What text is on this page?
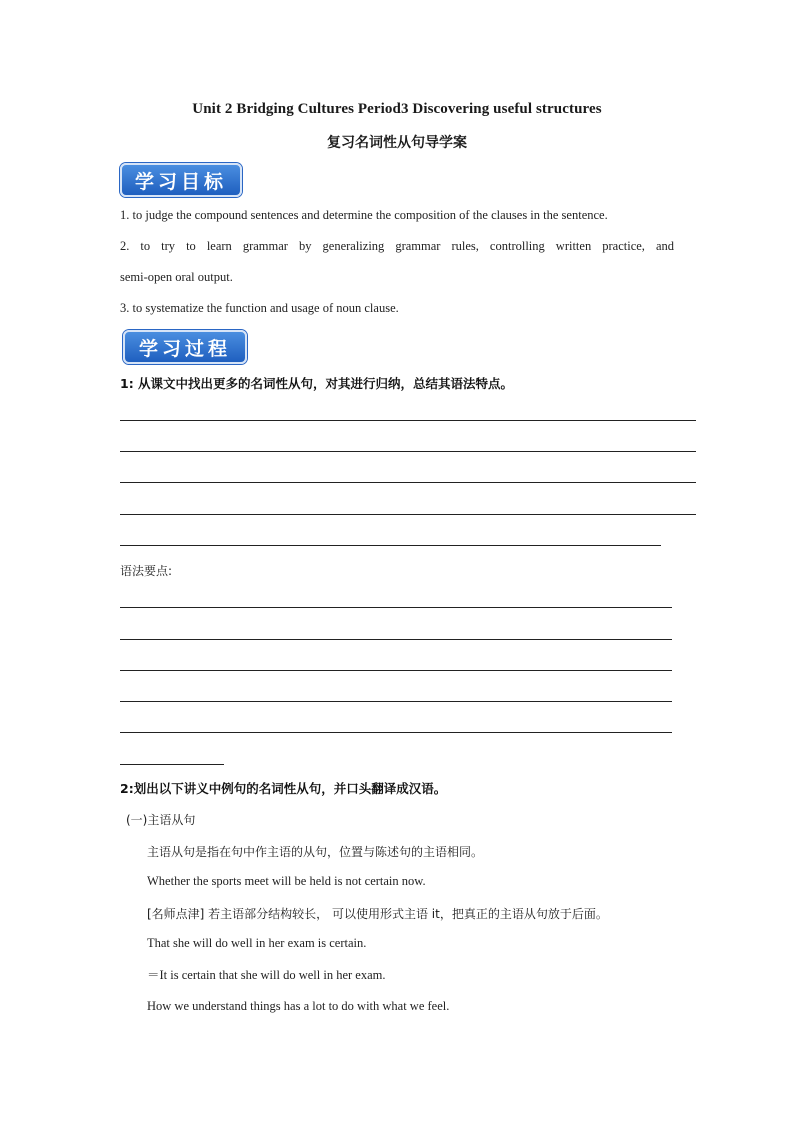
Unit 2 Bridging Cultures Period3 Discovering useful structures
复习名词性从句导学案
学习目标
1. to judge the compound sentences and determine the composition of the clauses in the sentence.
2. to try to learn grammar by generalizing grammar rules, controlling written practice, and
semi-open oral output.
3. to systematize the function and usage of noun clause.
学习过程
1: 从课文中找出更多的名词性从句，对其进行归纳，总结其语法特点。
语法要点:
2:划出以下讲义中例句的名词性从句，并口头翻译成汉语。
(一)主语从句
主语从句是指在句中作主语的从句，位置与陈述句的主语相同。
Whether the sports meet will be held is not certain now.
[名师点津] 若主语部分结构较长， 可以使用形式主语 it，把真正的主语从句放于后面。
That she will do well in her exam is certain.
＝It is certain that she will do well in her exam.
How we understand things has a lot to do with what we feel.
